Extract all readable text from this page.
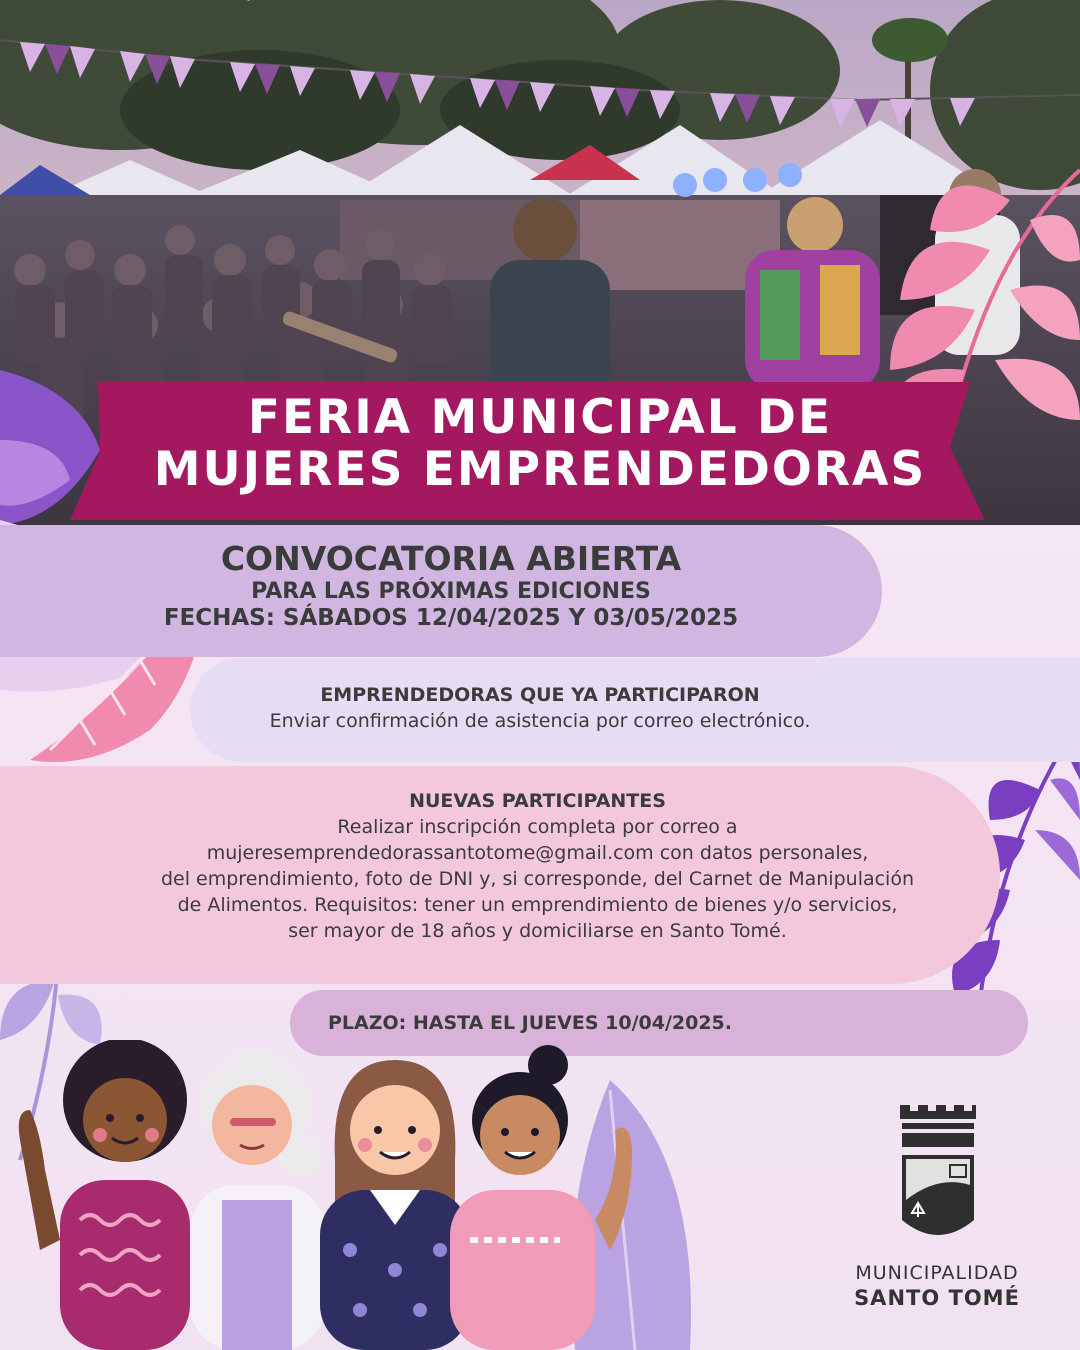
FERIA MUNICIPAL DE
MUJERES EMPRENDEDORAS
CONVOCATORIA ABIERTA
PARA LAS PRÓXIMAS EDICIONES
FECHAS: SÁBADOS 12/04/2025 Y 03/05/2025
EMPRENDEDORAS QUE YA PARTICIPARON
Enviar confirmación de asistencia por correo electrónico.
NUEVAS PARTICIPANTES
Realizar inscripción completa por correo a
mujeresemprendedorassantotome@gmail.com con datos personales,
del emprendimiento, foto de DNI y, si corresponde, del Carnet de Manipulación
de Alimentos. Requisitos: tener un emprendimiento de bienes y/o servicios,
ser mayor de 18 años y domiciliarse en Santo Tomé.
PLAZO: HASTA EL JUEVES 10/04/2025.
MUNICIPALIDAD
SANTO TOMÉ
